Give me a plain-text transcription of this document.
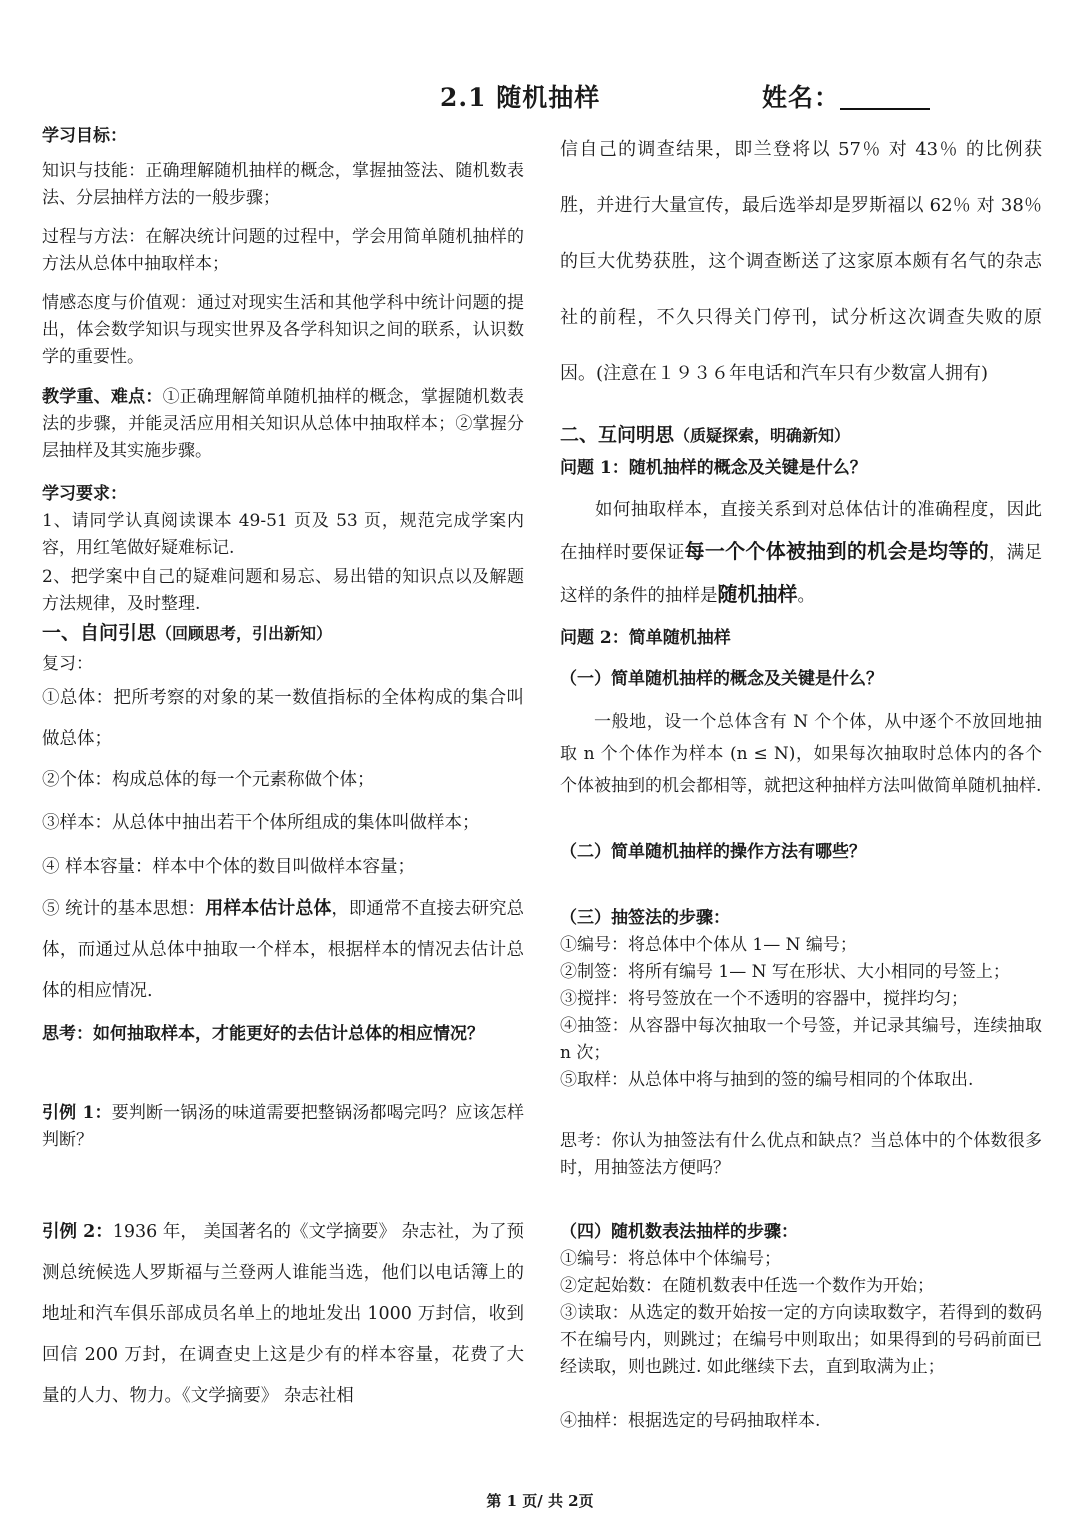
2.1 随机抽样	姓名：

学习目标：

知识与技能：正确理解随机抽样的概念，掌握抽签法、随机数表法、分层抽样方法的一般步骤；

过程与方法：在解决统计问题的过程中，学会用简单随机抽样的方法从总体中抽取样本；

情感态度与价值观：通过对现实生活和其他学科中统计问题的提出，体会数学知识与现实世界及各学科知识之间的联系，认识数学的重要性。

教学重、难点：①正确理解简单随机抽样的概念，掌握随机数表法的步骤，并能灵活应用相关知识从总体中抽取样本；②掌握分层抽样及其实施步骤。

学习要求：

1、请同学认真阅读课本 49-51 页及 53 页，规范完成学案内容，用红笔做好疑难标记.

2、把学案中自己的疑难问题和易忘、易出错的知识点以及解题方法规律，及时整理.

一、自问引思（回顾思考，引出新知）

复习：

①总体：把所考察的对象的某一数值指标的全体构成的集合叫做总体；

②个体：构成总体的每一个元素称做个体；

③样本：从总体中抽出若干个体所组成的集体叫做样本；

④ 样本容量：样本中个体的数目叫做样本容量；

⑤ 统计的基本思想：用样本估计总体，即通常不直接去研究总体，而通过从总体中抽取一个样本，根据样本的情况去估计总体的相应情况.

思考：如何抽取样本，才能更好的去估计总体的相应情况？

引例 1：要判断一锅汤的味道需要把整锅汤都喝完吗？应该怎样判断？

引例 2：1936 年， 美国著名的《文学摘要》 杂志社，为了预测总统候选人罗斯福与兰登两人谁能当选，他们以电话簿上的地址和汽车俱乐部成员名单上的地址发出 1000 万封信，收到回信 200 万封，在调查史上这是少有的样本容量，花费了大量的人力、物力。《文学摘要》 杂志社相

信自己的调查结果，即兰登将以 57％ 对 43％ 的比例获胜，并进行大量宣传，最后选举却是罗斯福以 62％ 对 38％ 的巨大优势获胜，这个调查断送了这家原本颇有名气的杂志社的前程，不久只得关门停刊，试分析这次调查失败的原因。(注意在１９３６年电话和汽车只有少数富人拥有)

二、互问明思（质疑探索，明确新知）

问题 1：随机抽样的概念及关键是什么？

如何抽取样本，直接关系到对总体估计的准确程度，因此在抽样时要保证每一个个体被抽到的机会是均等的，满足这样的条件的抽样是随机抽样。

问题 2：简单随机抽样

（一）简单随机抽样的概念及关键是什么？

一般地，设一个总体含有 N 个个体，从中逐个不放回地抽取 n 个个体作为样本 (n ≤ N)，如果每次抽取时总体内的各个个体被抽到的机会都相等，就把这种抽样方法叫做简单随机抽样.

（二）简单随机抽样的操作方法有哪些？

（三）抽签法的步骤：

①编号：将总体中个体从 1— N 编号；

②制签：将所有编号 1— N 写在形状、大小相同的号签上；

③搅拌：将号签放在一个不透明的容器中，搅拌均匀；

④抽签：从容器中每次抽取一个号签，并记录其编号，连续抽取 n 次；

⑤取样：从总体中将与抽到的签的编号相同的个体取出.

思考：你认为抽签法有什么优点和缺点？当总体中的个体数很多时，用抽签法方便吗？

（四）随机数表法抽样的步骤：

①编号：将总体中个体编号；

②定起始数：在随机数表中任选一个数作为开始；

③读取：从选定的数开始按一定的方向读取数字，若得到的数码不在编号内，则跳过；在编号中则取出；如果得到的号码前面已经读取，则也跳过. 如此继续下去，直到取满为止；

④抽样：根据选定的号码抽取样本.

第 1 页/ 共 2页
